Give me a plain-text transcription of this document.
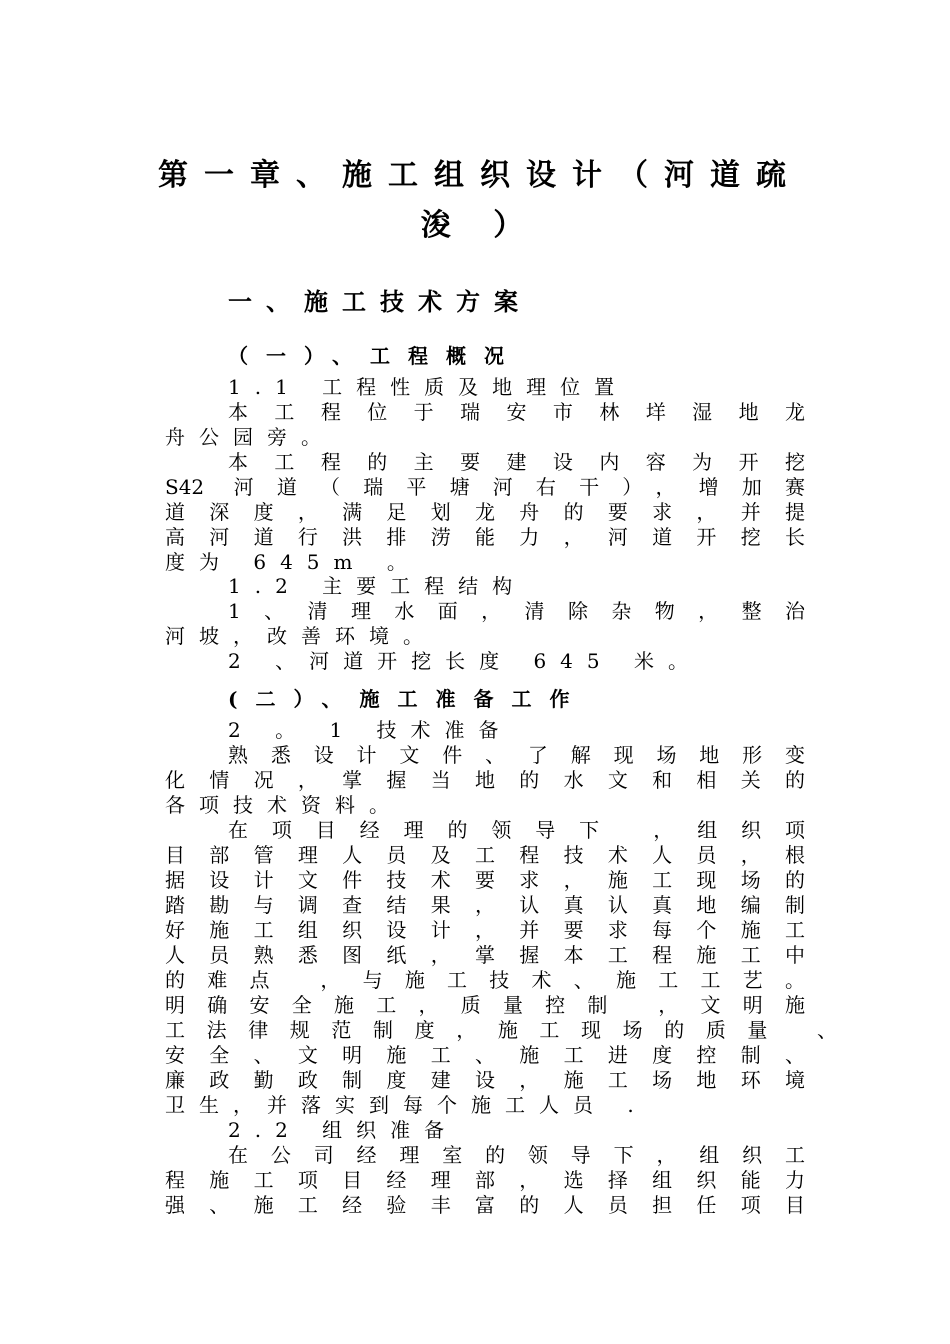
第一章、施工组织设计（河道疏
浚 ）
一、施工技术方案
（一）、工程概况
1.1 工程性质及地理位置
本工程位于瑞安市林垟湿地龙
舟公园旁。
本工程的主要建设内容为开挖
S42 河道（瑞平塘河右干），增加赛
道深度，满足划龙舟的要求，并提
高河道行洪排涝能力，河道开挖长
度为 645m 。
1.2 主要工程结构
1、清理水面，清除杂物，整治
河坡，改善环境。
2 、河道开挖长度 645 米。
(二）、施工准备工作
2 。 1 技术准备
熟悉设计文件、了解现场地形变
化情况，掌握当地的水文和相关的
各项技术资料。
在项目经理的领导下 ，组织项
目部管理人员及工程技术人员，根
据设计文件技术要求，施工现场的
踏勘与调查结果，认真认真地编制
好施工组织设计，并要求每个施工
人员熟悉图纸，掌握本工程施工中
的难点 ，与施工技术、施工工艺。
明确安全施工，质量控制 ，文明施
工法律规范制度，施工现场的质量 、
安全、文明施工、施工进度控制、
廉政勤政制度建设，施工场地环境
卫生，并落实到每个施工人员 .
2.2 组织准备
在公司经理室的领导下，组织工
程施工项目经理部，选择组织能力
强、施工经验丰富的人员担任项目
